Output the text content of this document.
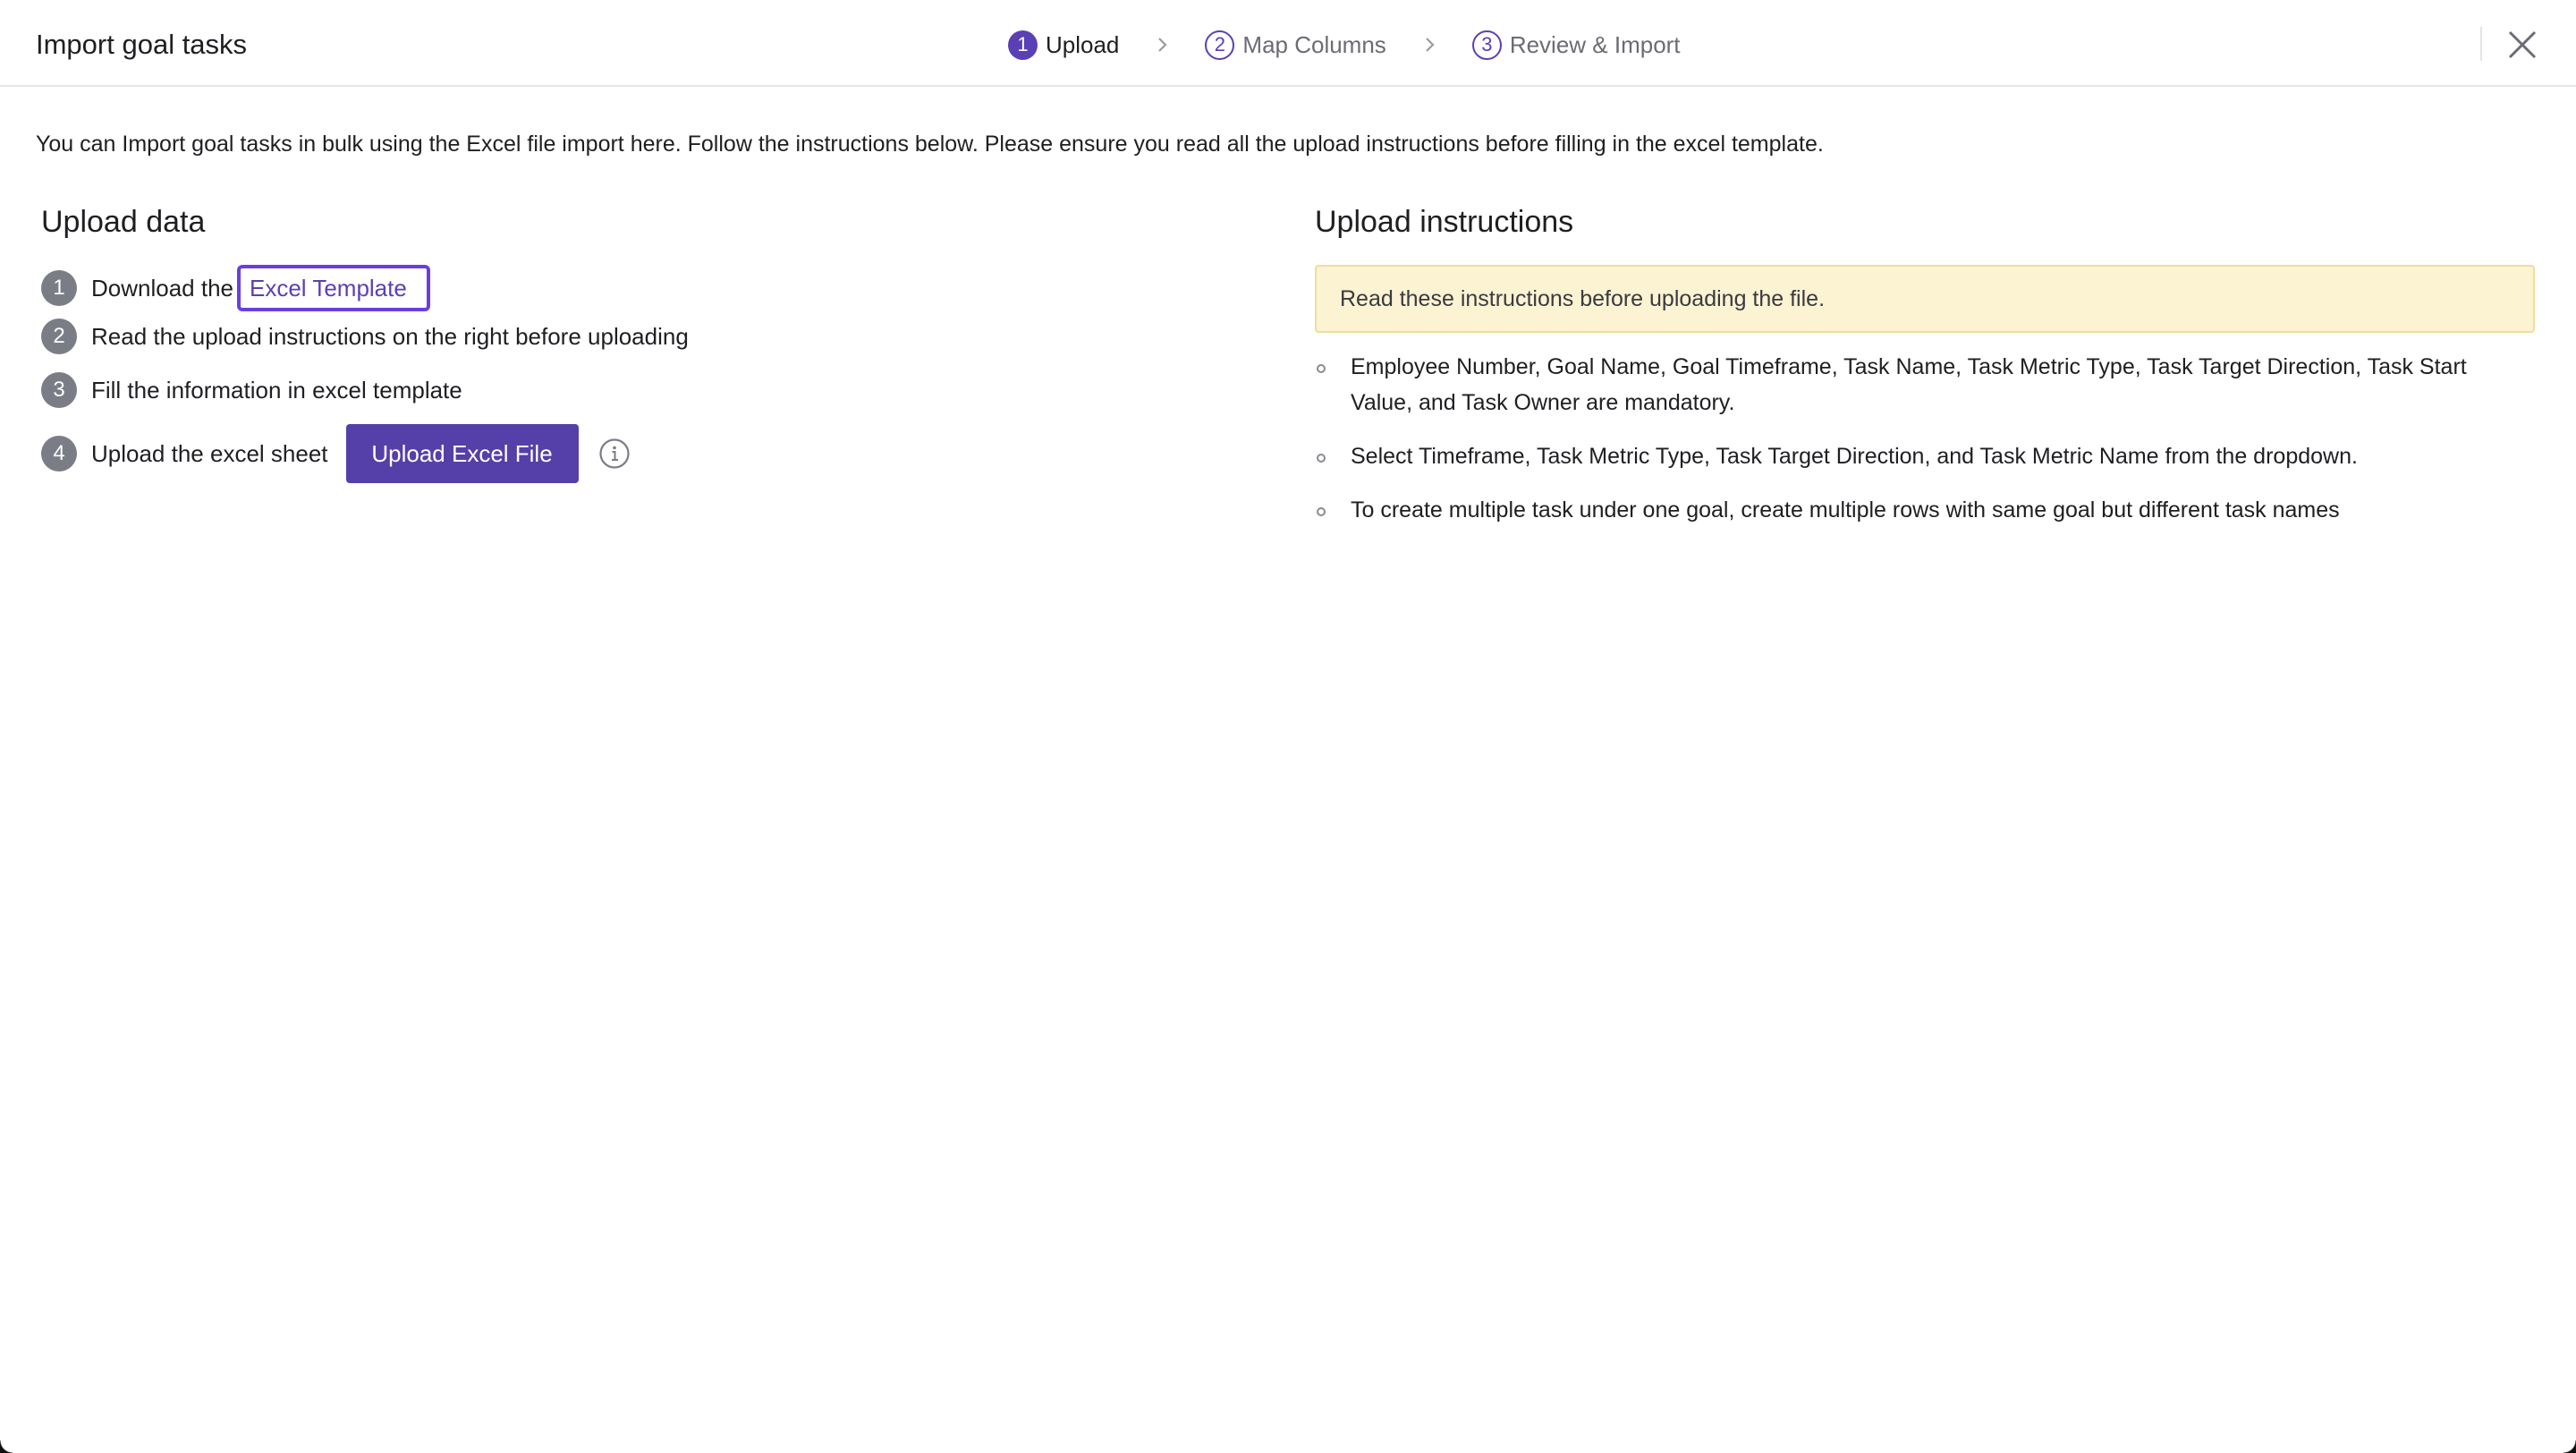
Import goal tasks	1 Upload	2 Map Columns	3 Review & Import
You can Import goal tasks in bulk using the Excel file import here. Follow the instructions below. Please ensure you read all the upload instructions before filling in the excel template.
Upload data
1	Download the Excel Template
2	Read the upload instructions on the right before uploading
3	Fill the information in excel template
4	Upload the excel sheet	Upload Excel File
Upload instructions
Read these instructions before uploading the file.
Employee Number, Goal Name, Goal Timeframe, Task Name, Task Metric Type, Task Target Direction, Task Start Value, and Task Owner are mandatory.
Select Timeframe, Task Metric Type, Task Target Direction, and Task Metric Name from the dropdown.
To create multiple task under one goal, create multiple rows with same goal but different task names
